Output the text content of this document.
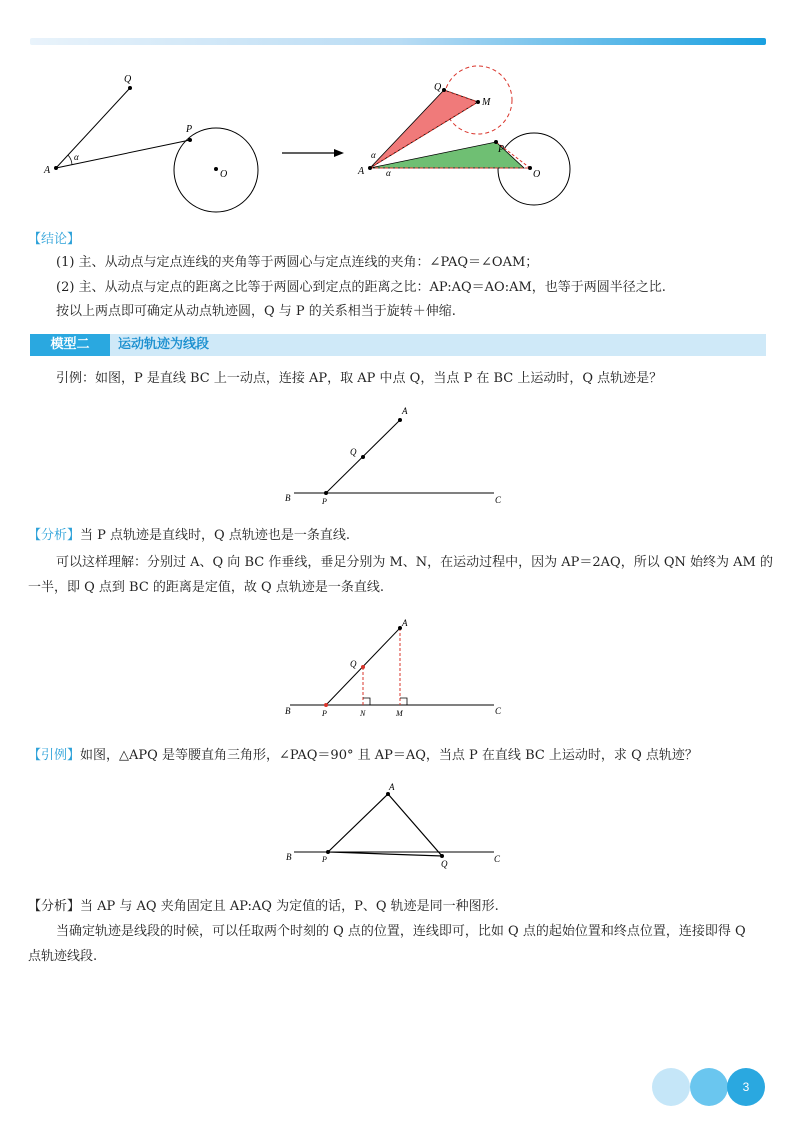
Q
P
A	O
α
Q
M
P
A	O
α
α
【结论】
(1) 主、从动点与定点连线的夹角等于两圆心与定点连线的夹角：∠PAQ＝∠OAM；
(2) 主、从动点与定点的距离之比等于两圆心到定点的距离之比：AP:AQ＝AO:AM，也等于两圆半径之比.
按以上两点即可确定从动点轨迹圆，Q 与 P 的关系相当于旋转＋伸缩.
模型二	运动轨迹为线段
引例：如图，P 是直线 BC 上一动点，连接 AP，取 AP 中点 Q，当点 P 在 BC 上运动时，Q 点轨迹是？
A
Q
B	P	C
【分析】当 P 点轨迹是直线时，Q 点轨迹也是一条直线.
可以这样理解：分别过 A、Q 向 BC 作垂线，垂足分别为 M、N，在运动过程中，因为 AP＝2AQ，所以 QN 始终为 AM 的
一半，即 Q 点到 BC 的距离是定值，故 Q 点轨迹是一条直线.
A
Q
B	P	N	M	C
【引例】如图，△APQ 是等腰直角三角形，∠PAQ＝90° 且 AP＝AQ，当点 P 在直线 BC 上运动时，求 Q 点轨迹？
A
B	P	Q	C
【分析】当 AP 与 AQ 夹角固定且 AP:AQ 为定值的话，P、Q 轨迹是同一种图形.
当确定轨迹是线段的时候，可以任取两个时刻的 Q 点的位置，连线即可，比如 Q 点的起始位置和终点位置，连接即得 Q
点轨迹线段.
3
